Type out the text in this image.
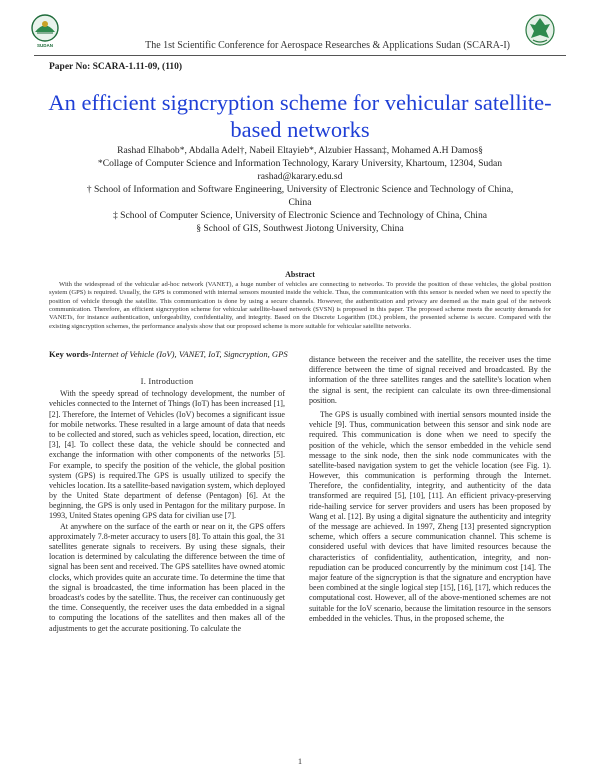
SUDAN	The 1st Scientific Conference for Aerospace Researches & Applications Sudan (SCARA-I)
Paper No: SCARA-1.11-09, (110)
An efficient signcryption scheme for vehicular satellite-based networks
Rashad Elhabob*, Abdalla Adel†, Nabeil Eltayieb*, Alzubier Hassan‡, Mohamed A.H Damos§
*Collage of Computer Science and Information Technology, Karary University, Khartoum, 12304, Sudan
rashad@karary.edu.sd
† School of Information and Software Engineering, University of Electronic Science and Technology of China,
China
‡ School of Computer Science, University of Electronic Science and Technology of China, China
§ School of GIS, Southwest Jiotong University, China
Abstract
With the widespread of the vehicular ad-hoc network (VANET), a huge number of vehicles are connecting to networks. To provide the position of these vehicles, the global position system (GPS) is required. Usually, the GPS is commoned with internal sensors mounted inside the vehicle. Thus, the communication with this sensor is needed when we need to specify the position of vehicle through the satellite. This communication is done by using a secure channels. However, the authentication and privacy are deemed as the main goal of the network communication. Therefore, an efficient signcryption scheme for vehicular satellite-based network (SVSN) is proposed in this paper. The proposed scheme meets the security demands for VANETs, for instance authentication, unforgeability, confidentiality, and integrity. Based on the Discrete Logarithm (DL) problem, the presented scheme is secure. Compared with the existing signcryption schemes, the performance analysis show that our proposed scheme is more suitable for vehicular satellite networks.
Key words-Internet of Vehicle (IoV), VANET, IoT, Signcryption, GPS
I. Introduction

With the speedy spread of technology development, the number of vehicles connected to the Internet of Things (IoT) has been increased [1], [2]. Therefore, the Internet of Vehicles (IoV) becomes a significant issue for mobile networks. These resulted in a large amount of data that needs to be collected and stored, such as vehicles speed, location, direction, etc [3], [4]. To collect these data, the vehicle should be connected and exchange the information with other components of the networks [5]. For example, to specify the position of the vehicle, the global position system (GPS) is required.The GPS is usually utilized to specify the vehicles location. Its a satellite-based navigation system, which deployed by the United State department of defense (Pentagon) [6]. At the beginning, the GPS is only used in Pentagon for the military purpose. In 1993, United States opening GPS data for civilian use [7].

At anywhere on the surface of the earth or near on it, the GPS offers approximately 7.8-meter accuracy to users [8]. To attain this goal, the 31 satellites generate signals to receivers. By using these signals, their location is determined by calculating the difference between the time of signal has been sent and received. The GPS satellites have owned atomic clocks, which provides quite an accurate time. To determine the time that the signal is broadcasted, the time information has been placed in the broadcast's codes by the satellite. Thus, the receiver can continuously get the time. Consequently, the receiver uses the data embedded in a signal to computing the locations of the satellites and then makes all of the adjustments to get the accurate positioning. To calculate the

distance between the receiver and the satellite, the receiver uses the time difference between the time of signal received and broadcasted. By the information of the three satellites ranges and the satellite's location when the signal is sent, the recipient can calculate its own three-dimensional position.

The GPS is usually combined with inertial sensors mounted inside the vehicle [9]. Thus, communication between this sensor and sink node are required. This communication is done when we need to specify the position of the vehicle, which the sensor embedded in the vehicle send message to the sink node, then the sink node communicates with the satellite-based navigation system to get the vehicle location (see Fig. 1). However, this communication is performing through the Internet. Therefore, the confidentiality, integrity, and authenticity of the data transformed are required [5], [10], [11]. An efficient privacy-preserving ride-hailing service for server providers and users has been proposed by Wang et al. [12]. By using a digital signature the authenticity and integrity of the message are achieved. In 1997, Zheng [13] presented signcryption scheme, which offers a secure communication channel. This scheme is considered useful with devices that have limited resources because the characteristics of confidentiality, authentication, integrity, and non-repudiation can be produced concurrently by the minimum cost [14]. The major feature of the signcryption is that the signature and encryption have been combined at the single logical step [15], [16], [17], which reduces the computational cost. However, all of the above-mentioned schemes are not suitable for the IoV scenario, because the limitation resource in the sensors embedded in the vehicles. Thus, in the proposed scheme, the

1
